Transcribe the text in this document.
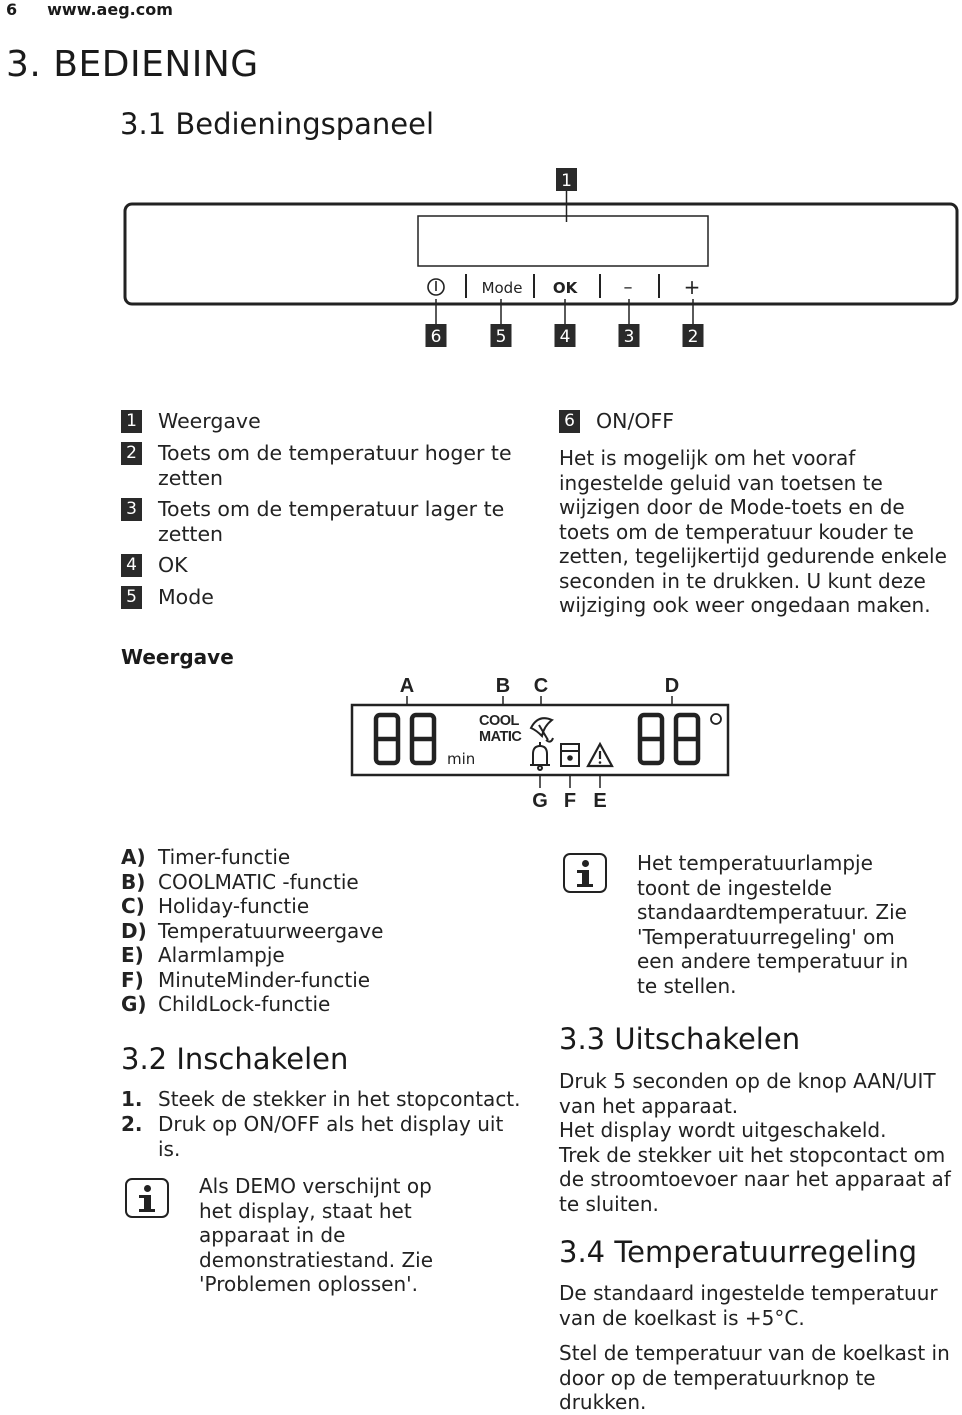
6 www.aeg.com
3. BEDIENING
3.1 Bedieningspaneel
1
Mode OK	–	+
6	5	4	3	2
1 Weergave
2 Toets om de temperatuur hoger te zetten
3 Toets om de temperatuur lager te zetten
4 OK
5 Mode
6 ON/OFF
Het is mogelijk om het vooraf ingestelde geluid van toetsen te wijzigen door de Mode-toets en de toets om de temperatuur kouder te zetten, tegelijkertijd gedurende enkele seconden in te drukken. U kunt deze wijziging ook weer ongedaan maken.
Weergave
A	B C	D
G F E
min
COOL
MATIC
A) Timer-functie
B) COOLMATIC -functie
C) Holiday-functie
D) Temperatuurweergave
E) Alarmlampje
F) MinuteMinder-functie
G) ChildLock-functie
Het temperatuurlampje toont de ingestelde standaardtemperatuur. Zie 'Temperatuurregeling' om een andere temperatuur in te stellen.
3.2 Inschakelen
1. Steek de stekker in het stopcontact.
2. Druk op ON/OFF als het display uit is.
Als DEMO verschijnt op het display, staat het apparaat in de demonstratiestand. Zie 'Problemen oplossen'.
3.3 Uitschakelen
Druk 5 seconden op de knop AAN/UIT van het apparaat.
Het display wordt uitgeschakeld.
Trek de stekker uit het stopcontact om de stroomtoevoer naar het apparaat af te sluiten.
3.4 Temperatuurregeling
De standaard ingestelde temperatuur van de koelkast is +5°C.
Stel de temperatuur van de koelkast in door op de temperatuurknop te drukken.
